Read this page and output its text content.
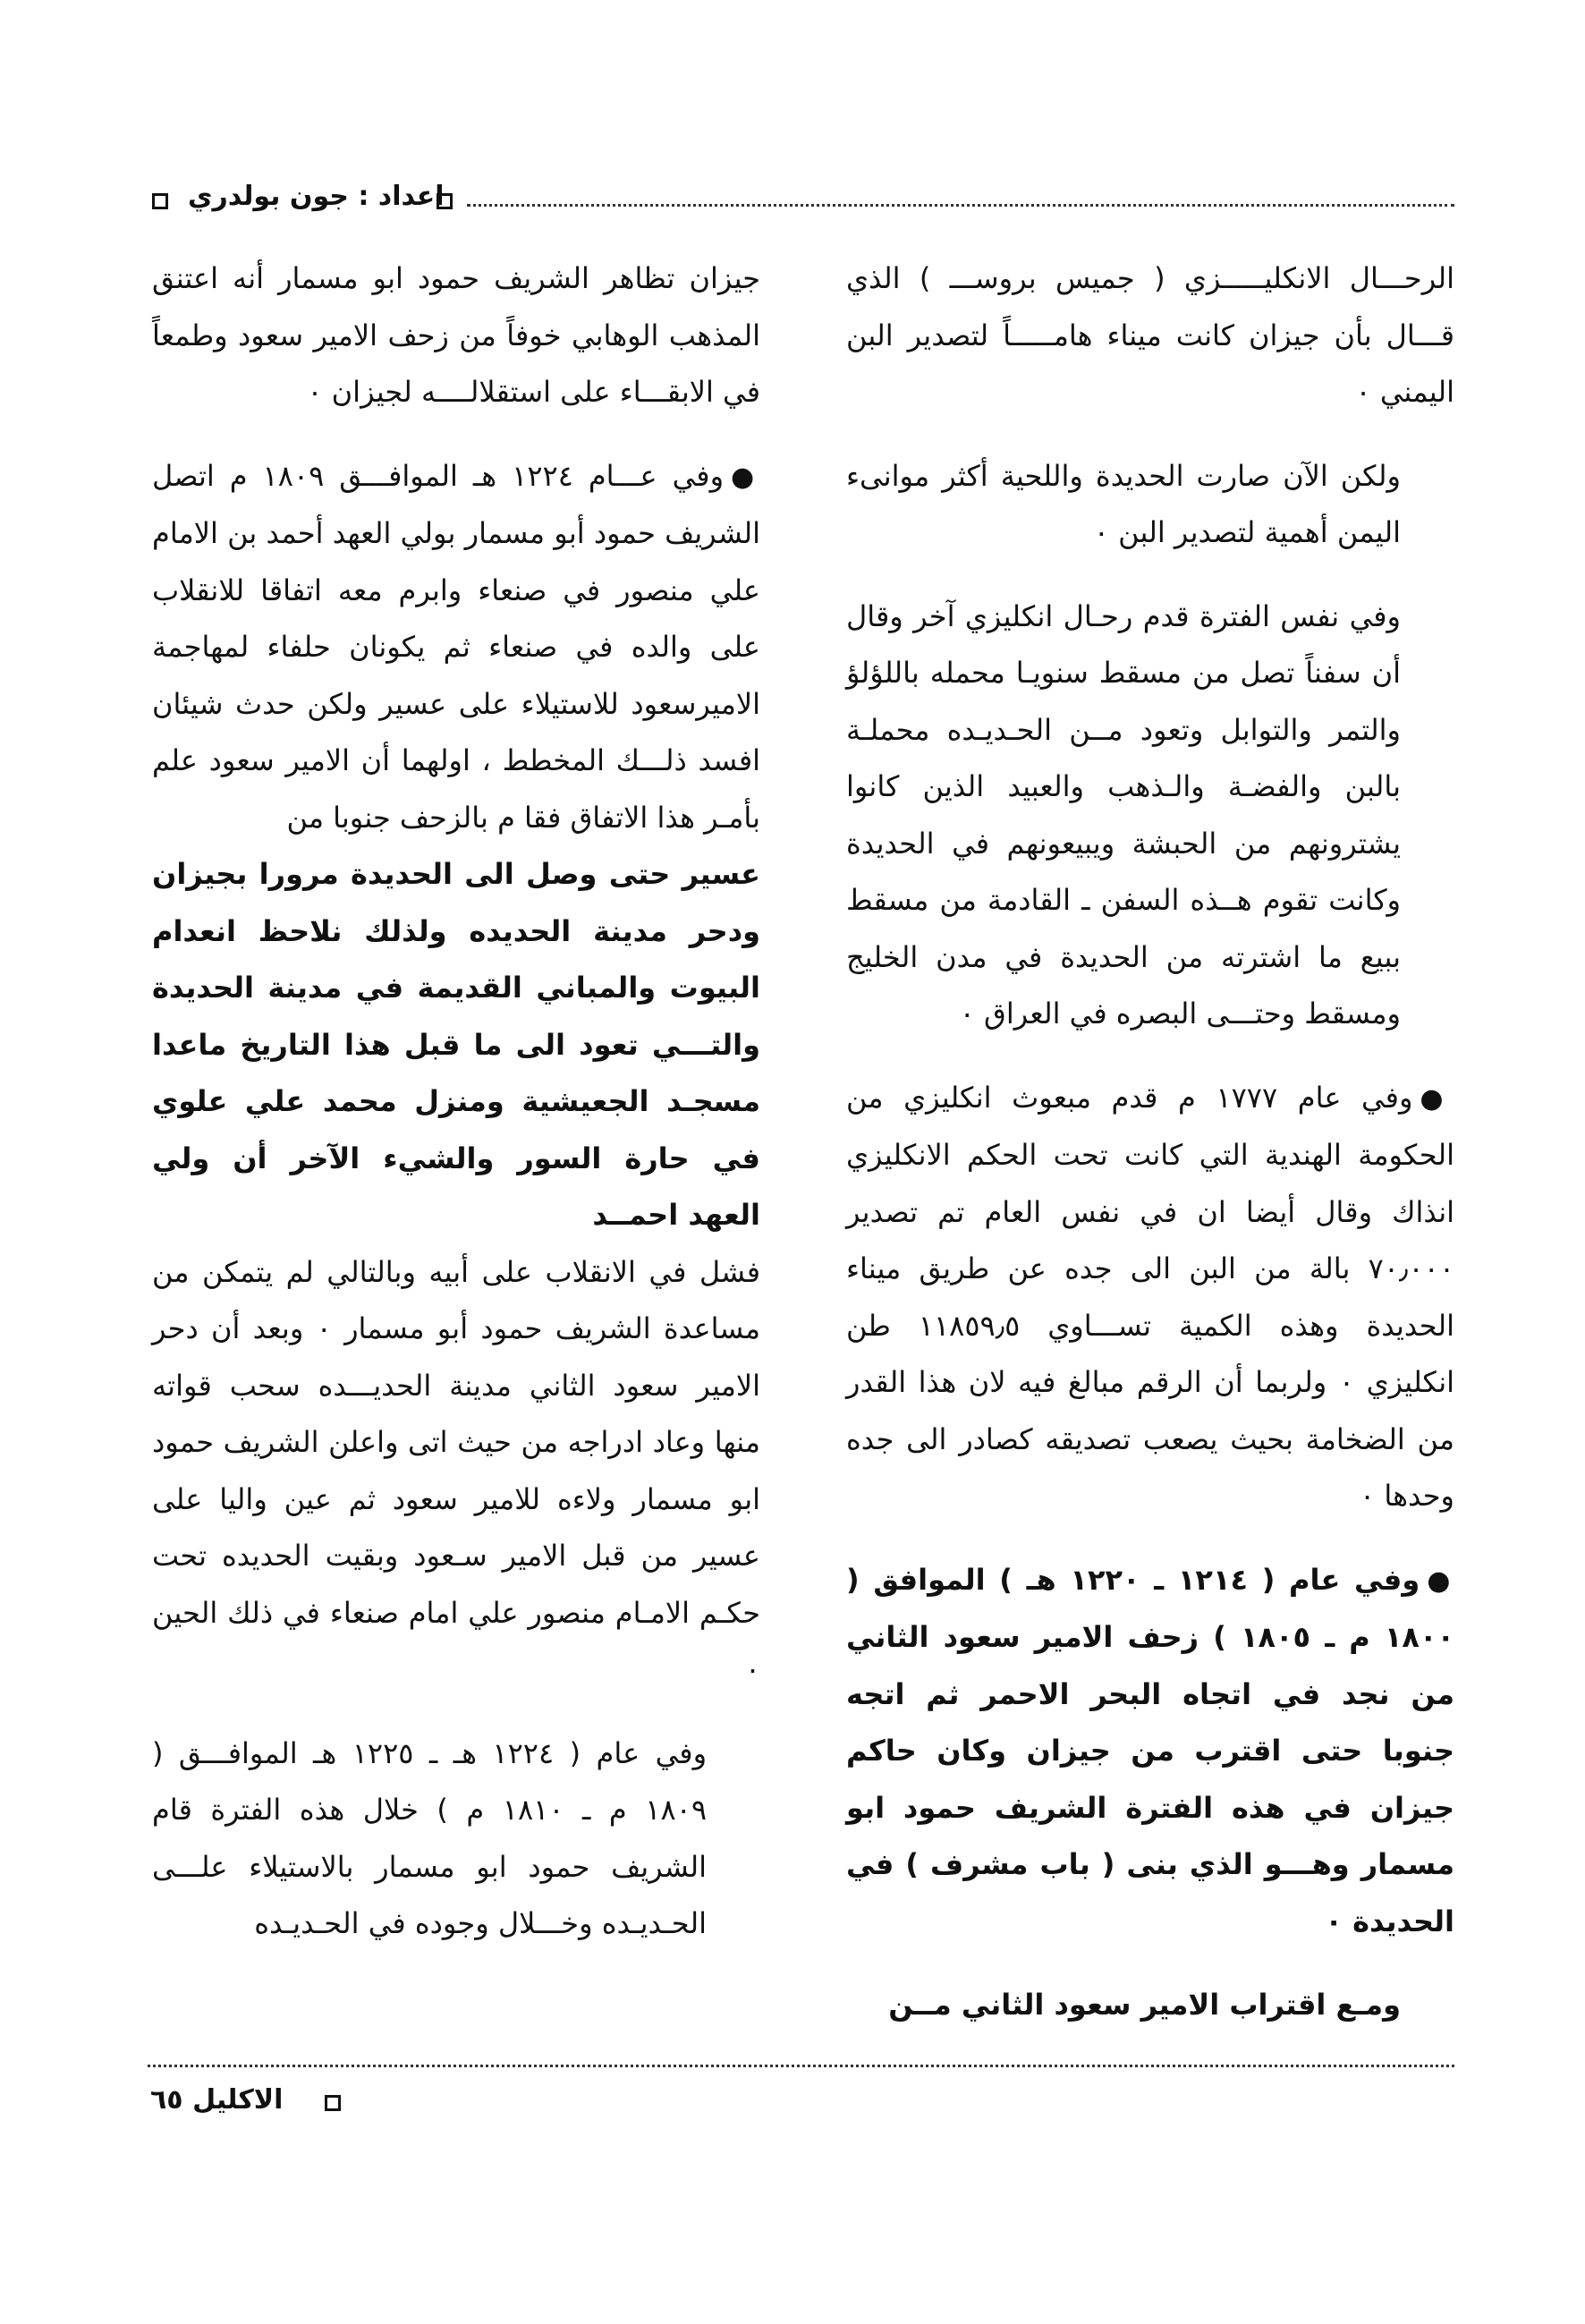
اعداد : جون بولدري

الرحـــال الانكليـــــزي ( جميس بروســـ ) الذي قـــال بأن جيزان كانت ميناء هامـــــاً لتصدير البن اليمني ٠

ولكن الآن صارت الحديدة واللحية أكثر موانىء اليمن أهمية لتصدير البن ٠

وفي نفس الفترة قدم رحـال انكليزي آخر وقال أن سفناً تصل من مسقط سنويـا محمله باللؤلؤ والتمر والتوابل وتعود مــن الحـديـده محملـة بالبن والفضـة والـذهب والعبيد الذين كانوا يشترونهم من الحبشة ويبيعونهم في الحديدة وكانت تقوم هــذه السفن ـ القادمة من مسقط ببيع ما اشترته من الحديدة في مدن الخليج ومسقط وحتـــى البصره في العراق ٠

●وفي عام ١٧٧٧ م قدم مبعوث انكليزي من الحكومة الهندية التي كانت تحت الحكم الانكليزي انذاك وقال أيضا ان في نفس العام تم تصدير ٧٠٫٠٠٠ بالة من البن الى جده عن طريق ميناء الحديدة وهذه الكمية تســـاوي ١١٨٥٩٫٥ طن انكليزي ٠ ولربما أن الرقم مبالغ فيه لان هذا القدر من الضخامة بحيث يصعب تصديقه كصادر الى جده وحدها ٠

●وفي عام ( ١٢١٤ ـ ١٢٢٠ هـ ) الموافق ( ١٨٠٠ م ـ ١٨٠٥ ) زحف الامير سعود الثاني من نجد في اتجاه البحر الاحمر ثم اتجه جنوبا حتى اقترب من جيزان وكان حاكم جيزان في هذه الفترة الشريف حمود ابو مسمار وهـــو الذي بنى ( باب مشرف ) في الحديدة ٠

ومـع اقتراب الامير سعود الثاني مــن

جيزان تظاهر الشريف حمود ابو مسمار أنه اعتنق المذهب الوهابي خوفاً من زحف الامير سعود وطمعاً في الابقـــاء على استقلالــــه لجيزان ٠

●وفي عـــام ١٢٢٤ هـ الموافـــق ١٨٠٩ م اتصل الشريف حمود أبو مسمار بولي العهد أحمد بن الامام علي منصور في صنعاء وابرم معه اتفاقا للانقلاب على والده في صنعاء ثم يكونان حلفاء لمهاجمة الاميرسعود للاستيلاء على عسير ولكن حدث شيئان افسد ذلـــك المخطط ، اولهما أن الامير سعود علم بأمـر هذا الاتفاق فقا م بالزحف جنوبا من

عسير حتى وصل الى الحديدة مرورا بجيزان ودحر مدينة الحديده ولذلك نلاحظ انعدام البيوت والمباني القديمة في مدينة الحديدة والتـــي تعود الى ما قبل هذا التاريخ ماعدا مسجـد الجعيشية ومنزل محمد علي علوي في حارة السور والشيء الآخر أن ولي العهد احمــد

فشل في الانقلاب على أبيه وبالتالي لم يتمكن من مساعدة الشريف حمود أبو مسمار ٠ وبعد أن دحر الامير سعود الثاني مدينة الحديـــده سحب قواته منها وعاد ادراجه من حيث اتى واعلن الشريف حمود ابو مسمار ولاءه للامير سعود ثم عين واليا على عسير من قبل الامير سـعود وبقيت الحديده تحت حكـم الامـام منصور علي امام صنعاء في ذلك الحين ٠

وفي عام ( ١٢٢٤ هـ ـ ١٢٢٥ هـ الموافـــق ( ١٨٠٩ م ـ ١٨١٠ م ) خلال هذه الفترة قام الشريف حمود ابو مسمار بالاستيلاء علـــى الحـديـده وخـــلال وجوده في الحـديـده

الاكليل ٦٥
